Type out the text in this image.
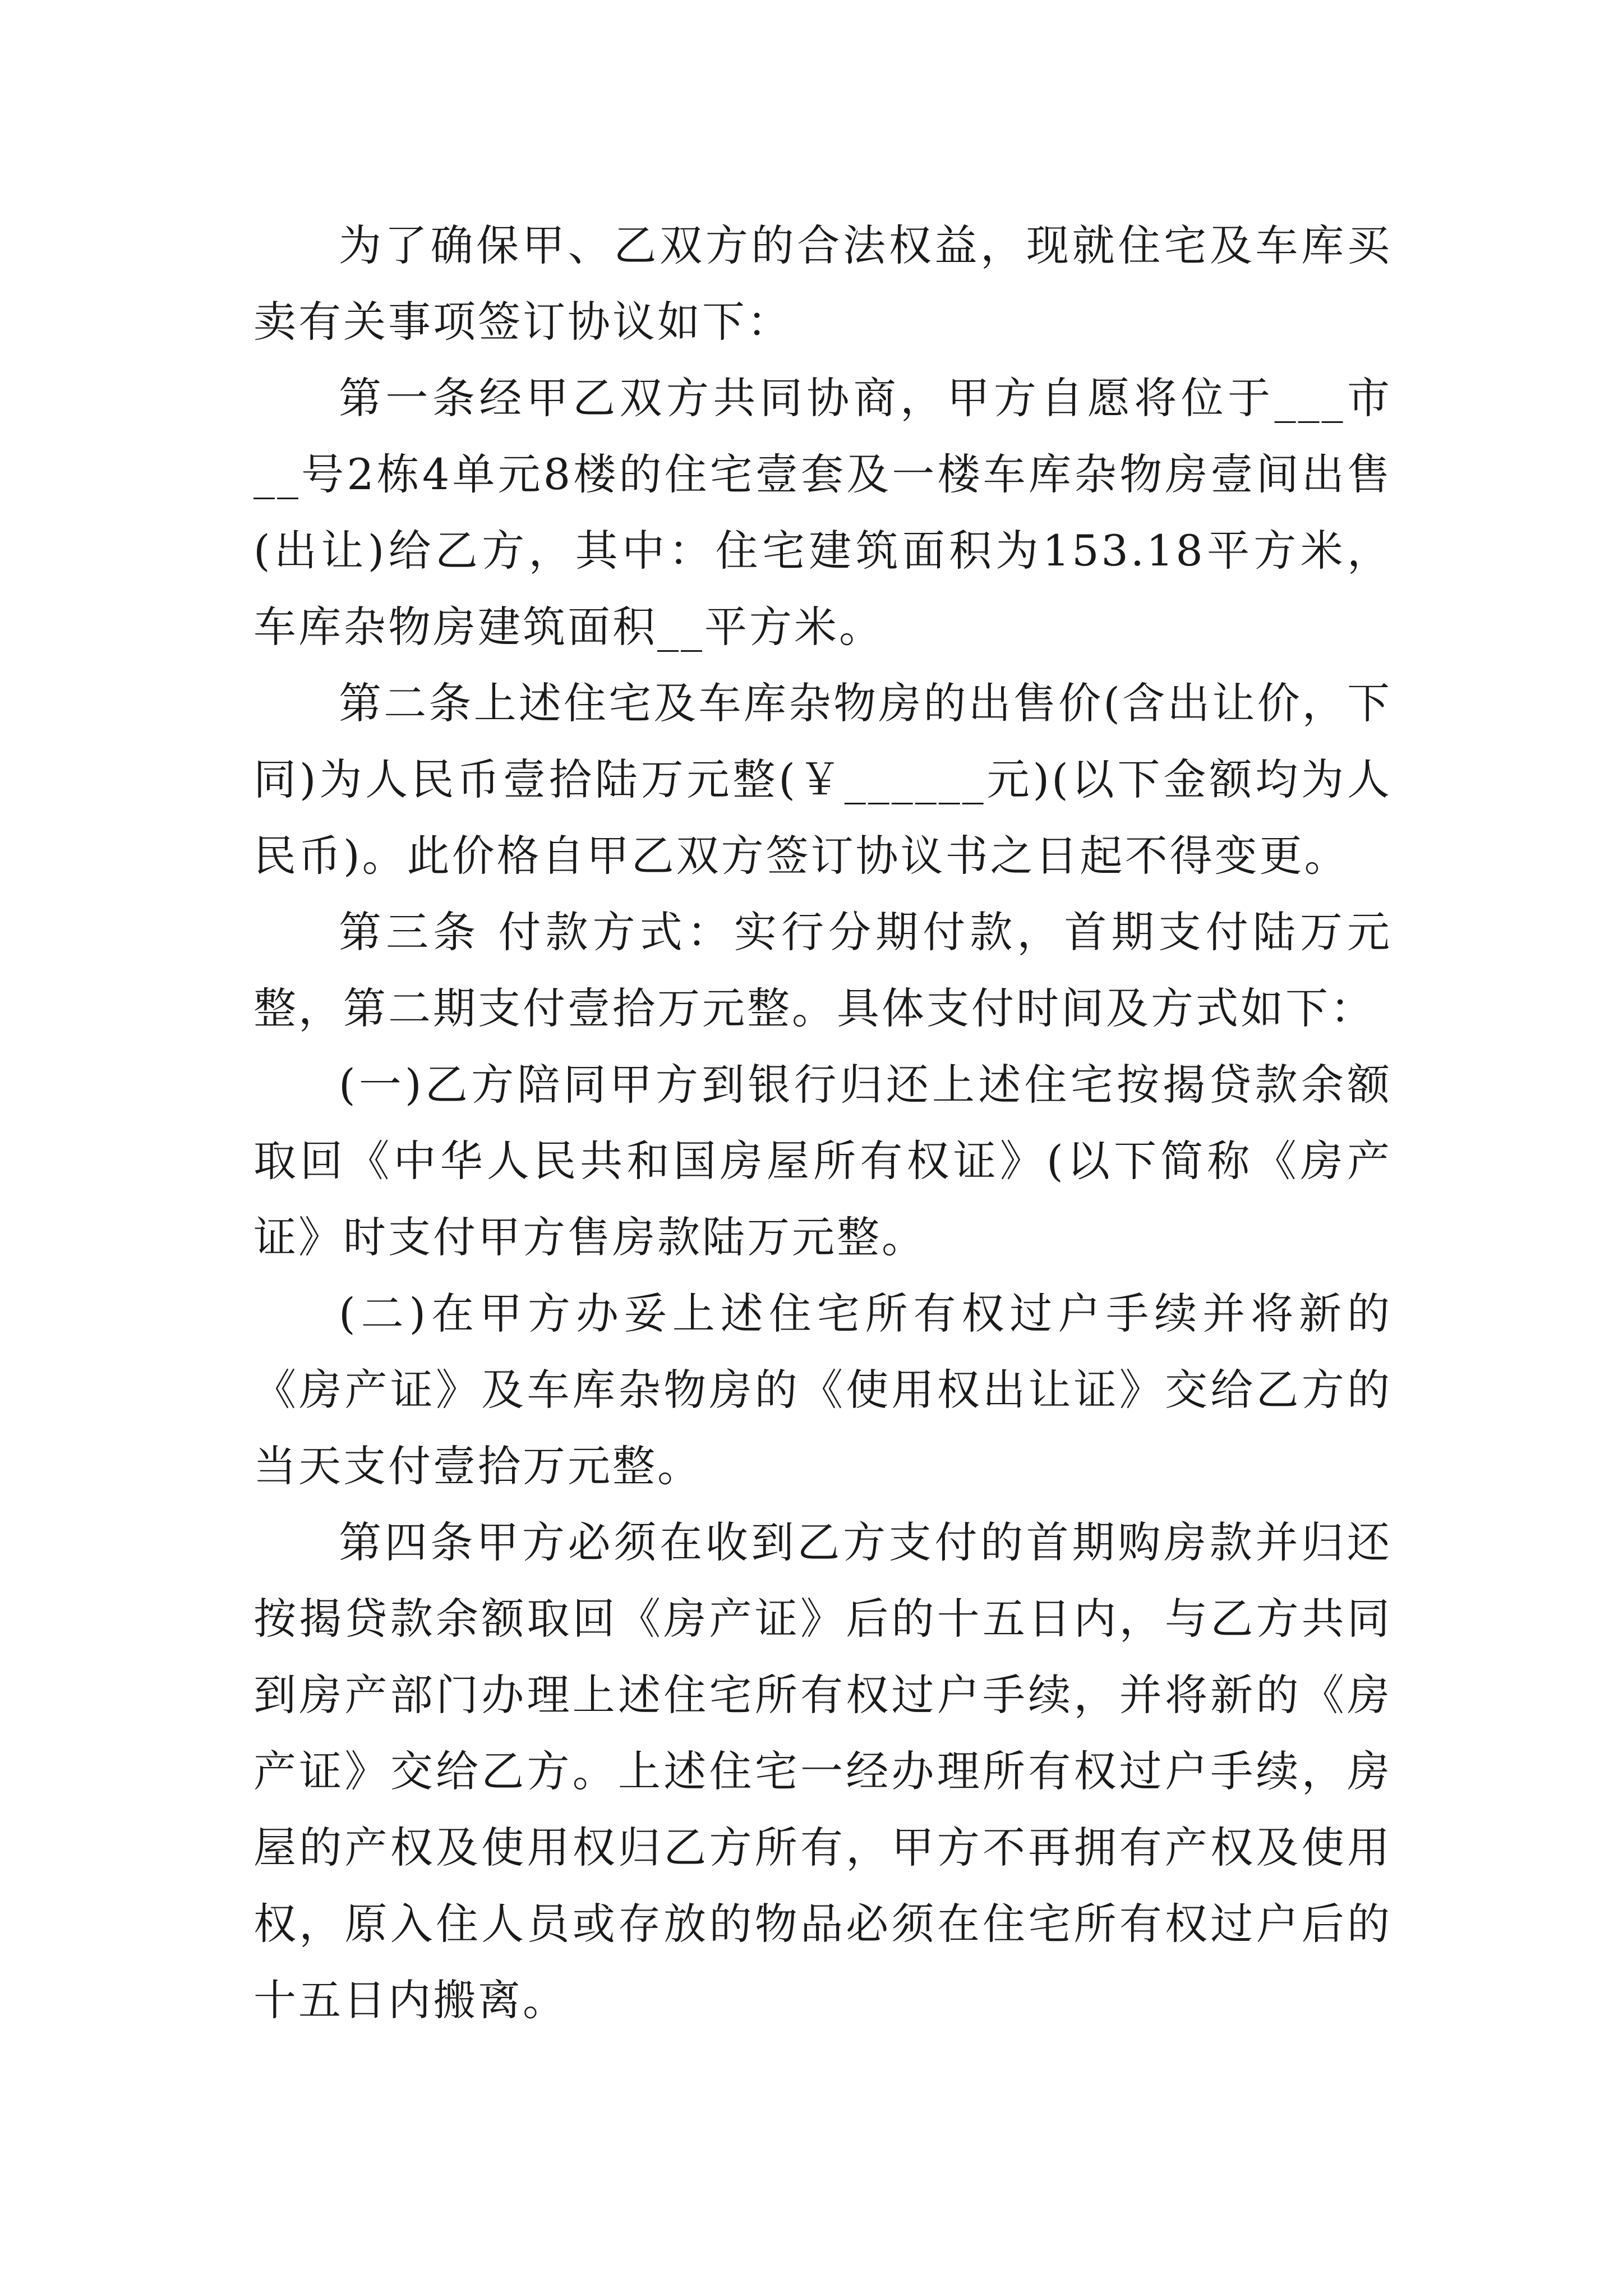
为了确保甲、乙双方的合法权益，现就住宅及车库买卖有关事项签订协议如下：

第一条经甲乙双方共同协商，甲方自愿将位于___市__号2栋4单元8楼的住宅壹套及一楼车库杂物房壹间出售(出让)给乙方，其中：住宅建筑面积为153.18平方米，车库杂物房建筑面积__平方米。

第二条上述住宅及车库杂物房的出售价(含出让价，下同)为人民币壹拾陆万元整(￥______元)(以下金额均为人民币)。此价格自甲乙双方签订协议书之日起不得变更。

第三条 付款方式：实行分期付款，首期支付陆万元整，第二期支付壹拾万元整。具体支付时间及方式如下：

(一)乙方陪同甲方到银行归还上述住宅按揭贷款余额取回《中华人民共和国房屋所有权证》(以下简称《房产证》时支付甲方售房款陆万元整。

(二)在甲方办妥上述住宅所有权过户手续并将新的《房产证》及车库杂物房的《使用权出让证》交给乙方的当天支付壹拾万元整。

第四条甲方必须在收到乙方支付的首期购房款并归还按揭贷款余额取回《房产证》后的十五日内，与乙方共同到房产部门办理上述住宅所有权过户手续，并将新的《房产证》交给乙方。上述住宅一经办理所有权过户手续，房屋的产权及使用权归乙方所有，甲方不再拥有产权及使用权，原入住人员或存放的物品必须在住宅所有权过户后的十五日内搬离。
